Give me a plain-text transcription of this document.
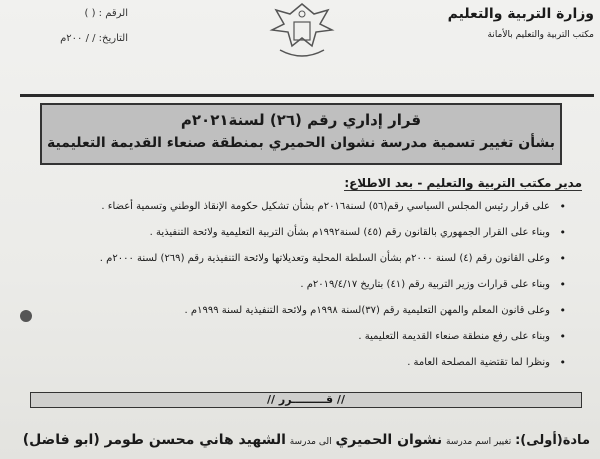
وزارة التربية والتعليم
مكتب التربية والتعليم بالأمانة
الرقم : ( )
التاريخ: / / ٢٠٠م
قرار إداري رقم (٢٦) لسنة٢٠٢١م
بشأن تغيير تسمية مدرسة نشوان الحميري بمنطقة صنعاء القديمة التعليمية
مدير مكتب التربية والتعليم - بعد الاطلاع:
• على قرار رئيس المجلس السياسي رقم(٥٦) لسنة٢٠١٦م بشأن تشكيل حكومة الإنقاذ الوطني وتسمية أعضاء .
• وبناء على القرار الجمهوري بالقانون رقم (٤٥) لسنة١٩٩٢م بشأن التربية التعليمية ولائحة التنفيذية .
• وعلى القانون رقم (٤) لسنة ٢٠٠٠م بشأن السلطة المحلية وتعديلاتها ولائحة التنفيذية رقم (٢٦٩) لسنة ٢٠٠٠م .
• وبناء على قرارات وزير التربية رقم (٤١) بتاريخ ٢٠١٩/٤/١٧م .
• وعلى قانون المعلم والمهن التعليمية رقم (٣٧)لسنة ١٩٩٨م ولائحة التنفيذية لسنة ١٩٩٩م .
• وبناء على رفع منطقة صنعاء القديمة التعليمية .
• ونظرا لما تقتضية المصلحة العامة .
// قـــــــــرر //
مادة(أولى): تغيير اسم مدرسة نشوان الحميري الى مدرسة الشهيد هاني محسن طومر (ابو فاضل)
